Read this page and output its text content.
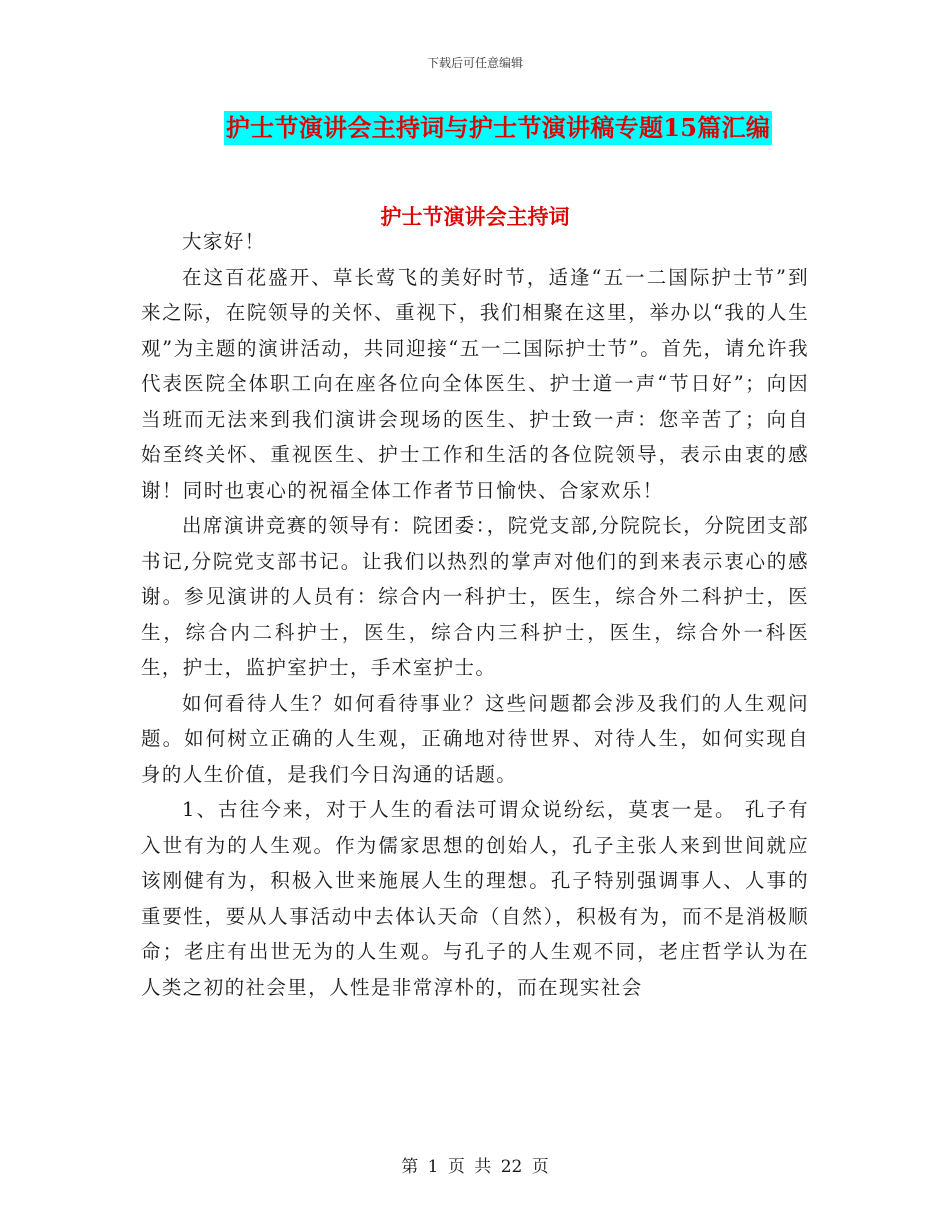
下载后可任意编辑
护士节演讲会主持词与护士节演讲稿专题15篇汇编
护士节演讲会主持词

大家好！

在这百花盛开、草长莺飞的美好时节，适逢“五一二国际护士节”到来之际，在院领导的关怀、重视下，我们相聚在这里，举办以“我的人生观”为主题的演讲活动，共同迎接“五一二国际护士节”。首先，请允许我代表医院全体职工向在座各位向全体医生、护士道一声“节日好”；向因当班而无法来到我们演讲会现场的医生、护士致一声：您辛苦了；向自始至终关怀、重视医生、护士工作和生活的各位院领导，表示由衷的感谢！同时也衷心的祝福全体工作者节日愉快、合家欢乐！

出席演讲竞赛的领导有：院团委：，院党支部,分院院长，分院团支部书记,分院党支部书记。让我们以热烈的掌声对他们的到来表示衷心的感谢。参见演讲的人员有：综合内一科护士，医生，综合外二科护士，医生，综合内二科护士，医生，综合内三科护士，医生，综合外一科医生，护士，监护室护士，手术室护士。

如何看待人生？如何看待事业？这些问题都会涉及我们的人生观问题。如何树立正确的人生观，正确地对待世界、对待人生，如何实现自身的人生价值，是我们今日沟通的话题。

1、古往今来，对于人生的看法可谓众说纷纭，莫衷一是。 孔子有入世有为的人生观。作为儒家思想的创始人，孔子主张人来到世间就应该刚健有为，积极入世来施展人生的理想。孔子特别强调事人、人事的重要性，要从人事活动中去体认天命（自然），积极有为，而不是消极顺命；老庄有出世无为的人生观。与孔子的人生观不同，老庄哲学认为在人类之初的社会里，人性是非常淳朴的，而在现实社会

第 1 页 共 22 页
